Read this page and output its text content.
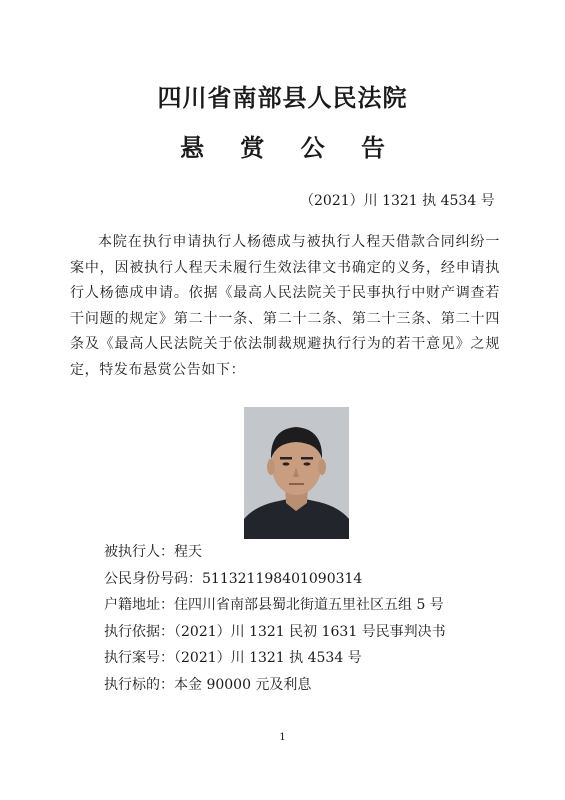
四川省南部县人民法院
悬 赏 公 告
（2021）川 1321 执 4534 号

本院在执行申请执行人杨德成与被执行人程天借款合同纠纷一案中，因被执行人程天未履行生效法律文书确定的义务，经申请执行人杨德成申请。依据《最高人民法院关于民事执行中财产调查若干问题的规定》第二十一条、第二十二条、第二十三条、第二十四条及《最高人民法院关于依法制裁规避执行行为的若干意见》之规定，特发布悬赏公告如下：

被执行人：程天
公民身份号码：511321198401090314
户籍地址：住四川省南部县蜀北街道五里社区五组 5 号
执行依据：（2021）川 1321 民初 1631 号民事判决书
执行案号：（2021）川 1321 执 4534 号
执行标的：本金 90000 元及利息
1
